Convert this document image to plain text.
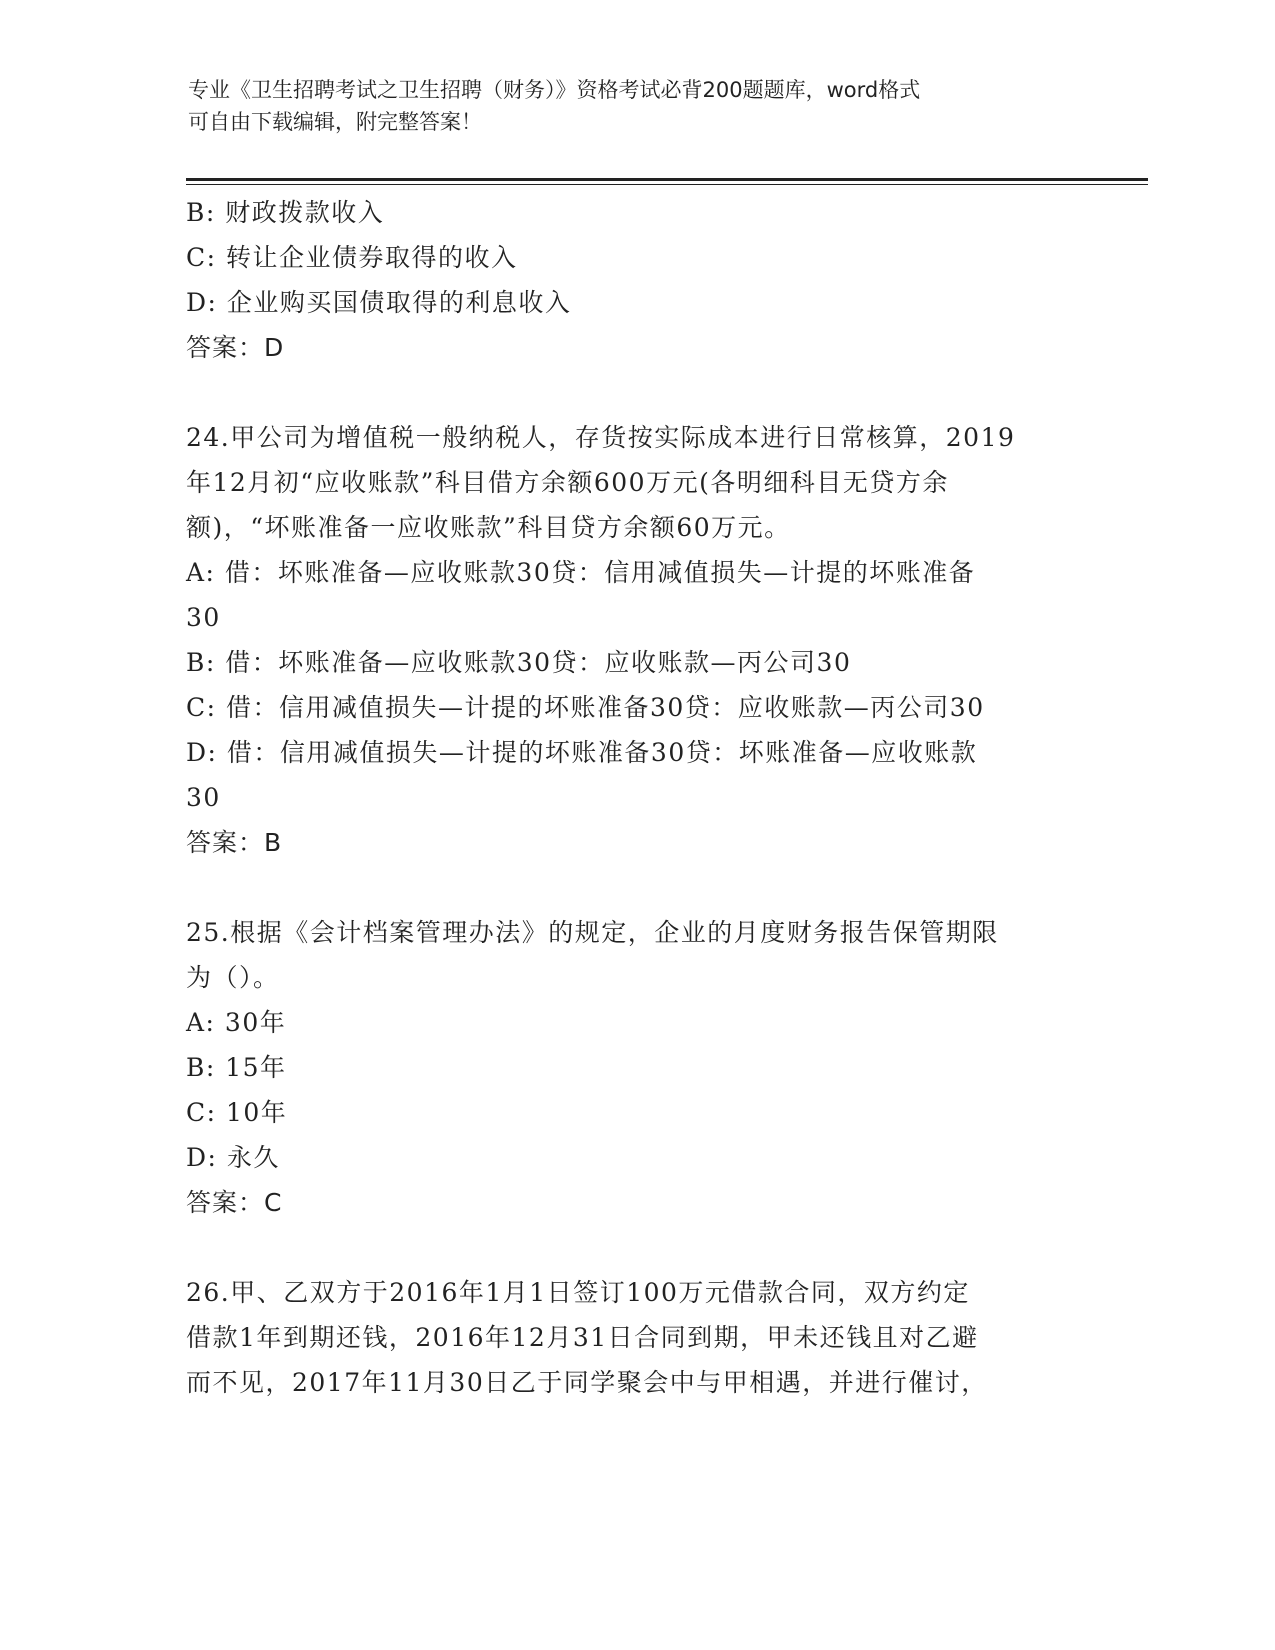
专业《卫生招聘考试之卫生招聘（财务）》资格考试必背200题题库，word格式
可自由下载编辑，附完整答案！
B: 财政拨款收入
C: 转让企业债券取得的收入
D: 企业购买国债取得的利息收入
答案：D
24.甲公司为增值税一般纳税人，存货按实际成本进行日常核算，2019
年12月初“应收账款”科目借方余额600万元(各明细科目无贷方余
额)，“坏账准备一应收账款”科目贷方余额60万元。
A: 借：坏账准备—应收账款30贷：信用减值损失—计提的坏账准备
30
B: 借：坏账准备—应收账款30贷：应收账款—丙公司30
C: 借：信用减值损失—计提的坏账准备30贷：应收账款—丙公司30
D: 借：信用减值损失—计提的坏账准备30贷：坏账准备—应收账款
30
答案：B
25.根据《会计档案管理办法》的规定，企业的月度财务报告保管期限
为（）。
A: 30年
B: 15年
C: 10年
D: 永久
答案：C
26.甲、乙双方于2016年1月1日签订100万元借款合同，双方约定
借款1年到期还钱，2016年12月31日合同到期，甲未还钱且对乙避
而不见，2017年11月30日乙于同学聚会中与甲相遇，并进行催讨，
